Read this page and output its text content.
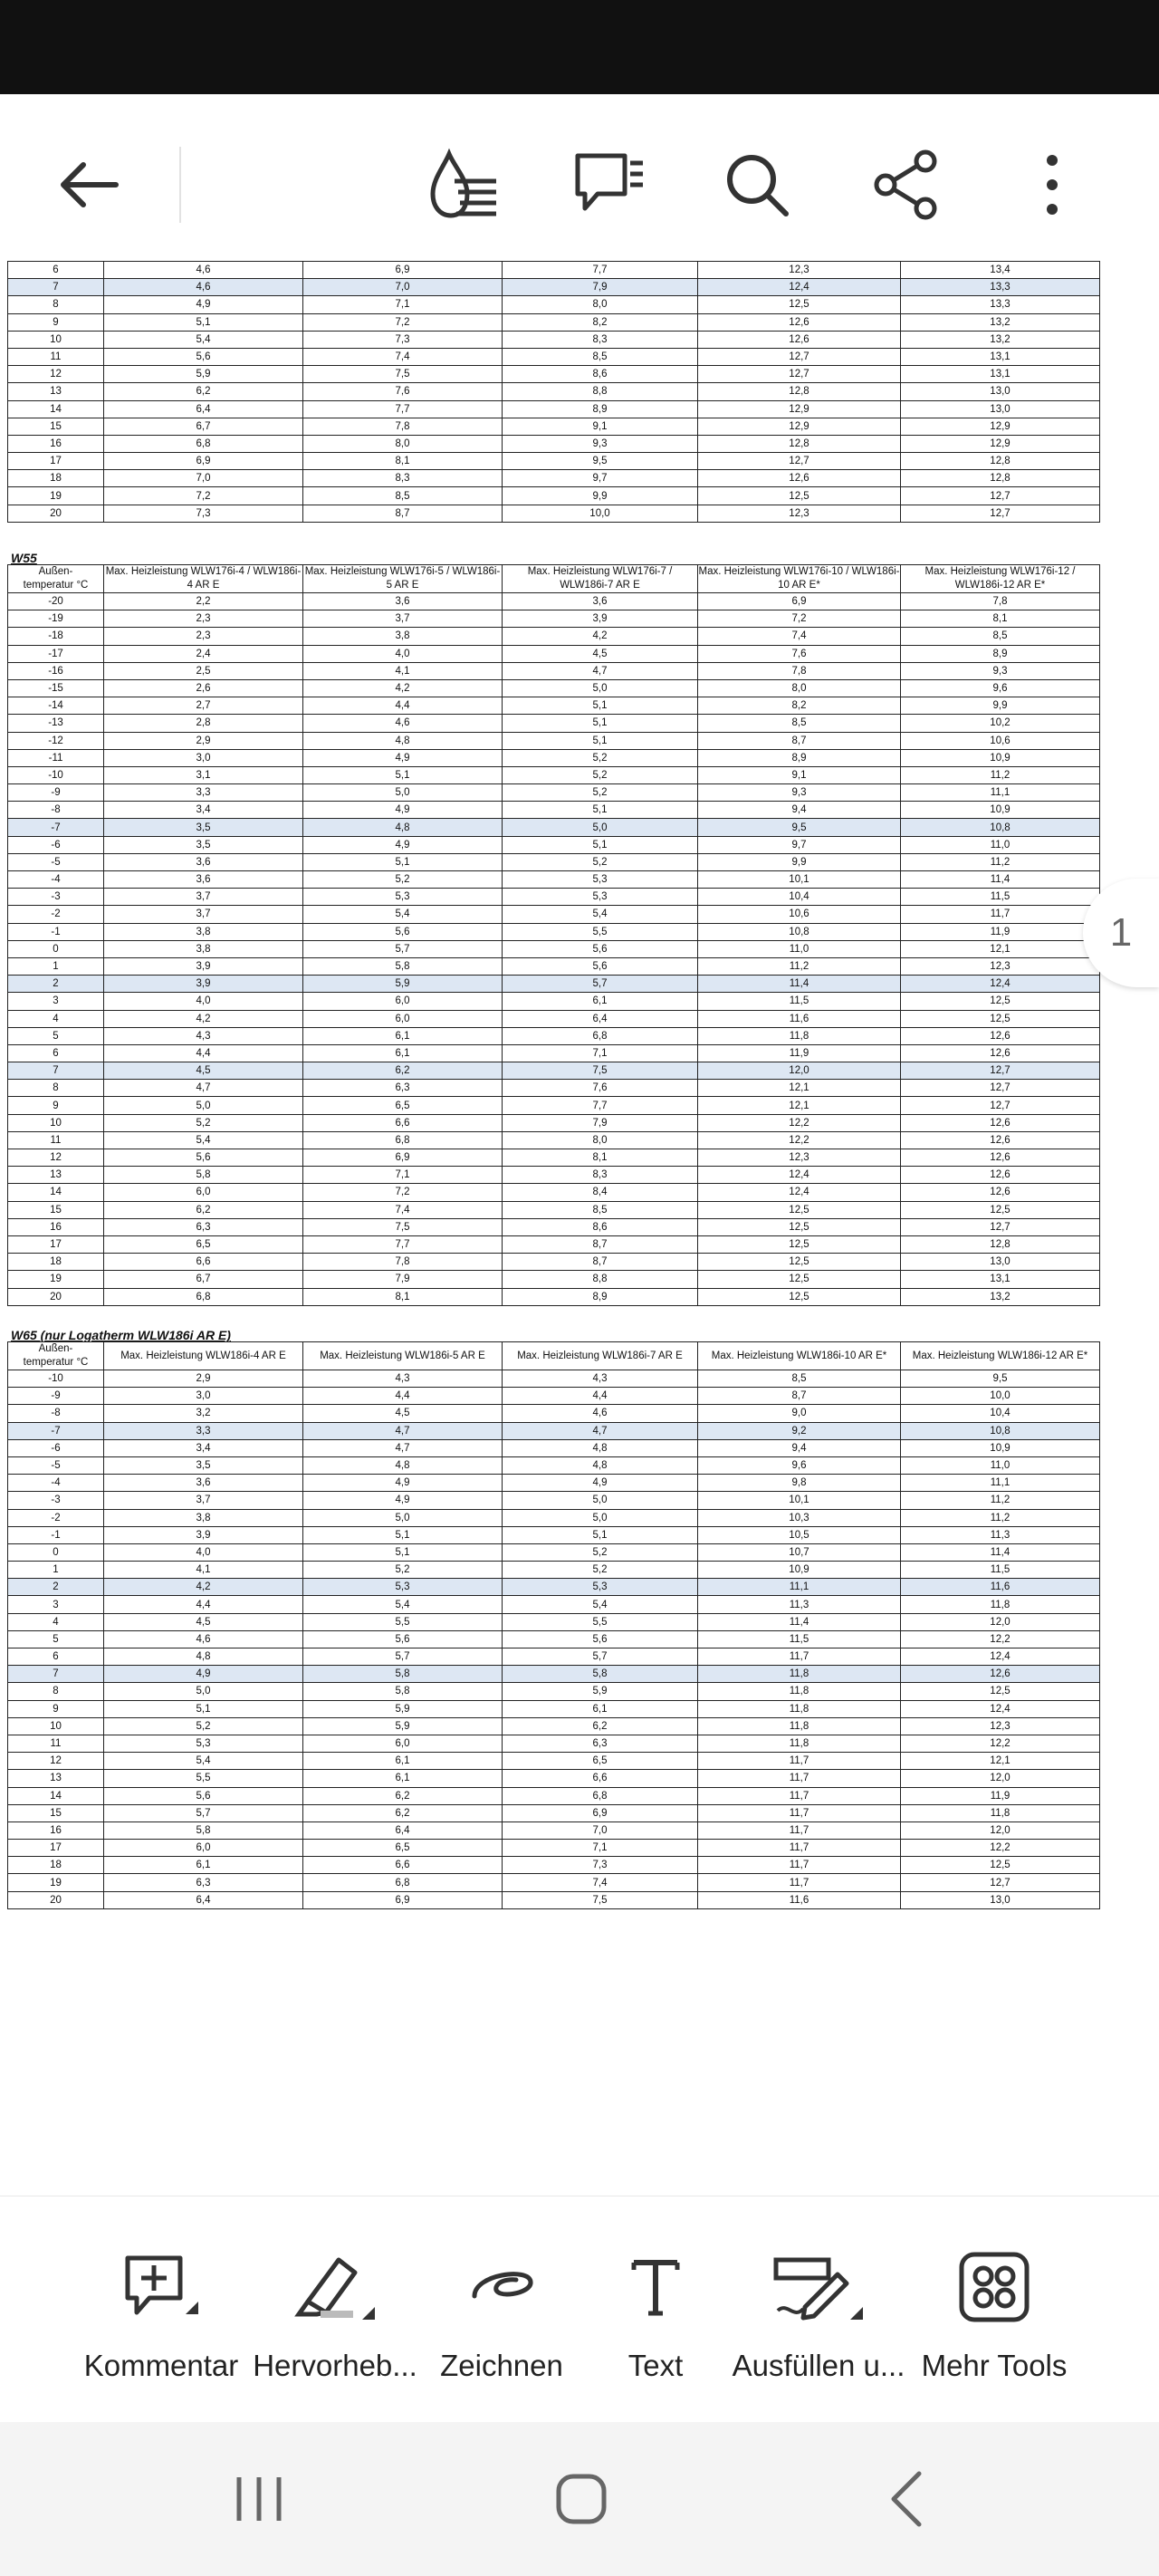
6	4,6	6,9	7,7	12,3	13,4
7	4,6	7,0	7,9	12,4	13,3
8	4,9	7,1	8,0	12,5	13,3
9	5,1	7,2	8,2	12,6	13,2
10	5,4	7,3	8,3	12,6	13,2
11	5,6	7,4	8,5	12,7	13,1
12	5,9	7,5	8,6	12,7	13,1
13	6,2	7,6	8,8	12,8	13,0
14	6,4	7,7	8,9	12,9	13,0
15	6,7	7,8	9,1	12,9	12,9
16	6,8	8,0	9,3	12,8	12,9
17	6,9	8,1	9,5	12,7	12,8
18	7,0	8,3	9,7	12,6	12,8
19	7,2	8,5	9,9	12,5	12,7
20	7,3	8,7	10,0	12,3	12,7
W55
Außen-
temperatur °C	Max. Heizleistung WLW176i-4 / WLW186i-4 AR E	Max. Heizleistung WLW176i-5 / WLW186i-5 AR E	Max. Heizleistung WLW176i-7 / WLW186i-7 AR E	Max. Heizleistung WLW176i-10 / WLW186i-10 AR E*	Max. Heizleistung WLW176i-12 / WLW186i-12 AR E*
-20	2,2	3,6	3,6	6,9	7,8
-19	2,3	3,7	3,9	7,2	8,1
-18	2,3	3,8	4,2	7,4	8,5
-17	2,4	4,0	4,5	7,6	8,9
-16	2,5	4,1	4,7	7,8	9,3
-15	2,6	4,2	5,0	8,0	9,6
-14	2,7	4,4	5,1	8,2	9,9
-13	2,8	4,6	5,1	8,5	10,2
-12	2,9	4,8	5,1	8,7	10,6
-11	3,0	4,9	5,2	8,9	10,9
-10	3,1	5,1	5,2	9,1	11,2
-9	3,3	5,0	5,2	9,3	11,1
-8	3,4	4,9	5,1	9,4	10,9
-7	3,5	4,8	5,0	9,5	10,8
-6	3,5	4,9	5,1	9,7	11,0
-5	3,6	5,1	5,2	9,9	11,2
-4	3,6	5,2	5,3	10,1	11,4
-3	3,7	5,3	5,3	10,4	11,5
-2	3,7	5,4	5,4	10,6	11,7
-1	3,8	5,6	5,5	10,8	11,9
0	3,8	5,7	5,6	11,0	12,1
1	3,9	5,8	5,6	11,2	12,3
2	3,9	5,9	5,7	11,4	12,4
3	4,0	6,0	6,1	11,5	12,5
4	4,2	6,0	6,4	11,6	12,5
5	4,3	6,1	6,8	11,8	12,6
6	4,4	6,1	7,1	11,9	12,6
7	4,5	6,2	7,5	12,0	12,7
8	4,7	6,3	7,6	12,1	12,7
9	5,0	6,5	7,7	12,1	12,7
10	5,2	6,6	7,9	12,2	12,6
11	5,4	6,8	8,0	12,2	12,6
12	5,6	6,9	8,1	12,3	12,6
13	5,8	7,1	8,3	12,4	12,6
14	6,0	7,2	8,4	12,4	12,6
15	6,2	7,4	8,5	12,5	12,5
16	6,3	7,5	8,6	12,5	12,7
17	6,5	7,7	8,7	12,5	12,8
18	6,6	7,8	8,7	12,5	13,0
19	6,7	7,9	8,8	12,5	13,1
20	6,8	8,1	8,9	12,5	13,2
W65 (nur Logatherm WLW186i AR E)
Außen-
temperatur °C	Max. Heizleistung WLW186i-4 AR E	Max. Heizleistung WLW186i-5 AR E	Max. Heizleistung WLW186i-7 AR E	Max. Heizleistung WLW186i-10 AR E*	Max. Heizleistung WLW186i-12 AR E*
-10	2,9	4,3	4,3	8,5	9,5
-9	3,0	4,4	4,4	8,7	10,0
-8	3,2	4,5	4,6	9,0	10,4
-7	3,3	4,7	4,7	9,2	10,8
-6	3,4	4,7	4,8	9,4	10,9
-5	3,5	4,8	4,8	9,6	11,0
-4	3,6	4,9	4,9	9,8	11,1
-3	3,7	4,9	5,0	10,1	11,2
-2	3,8	5,0	5,0	10,3	11,2
-1	3,9	5,1	5,1	10,5	11,3
0	4,0	5,1	5,2	10,7	11,4
1	4,1	5,2	5,2	10,9	11,5
2	4,2	5,3	5,3	11,1	11,6
3	4,4	5,4	5,4	11,3	11,8
4	4,5	5,5	5,5	11,4	12,0
5	4,6	5,6	5,6	11,5	12,2
6	4,8	5,7	5,7	11,7	12,4
7	4,9	5,8	5,8	11,8	12,6
8	5,0	5,8	5,9	11,8	12,5
9	5,1	5,9	6,1	11,8	12,4
10	5,2	5,9	6,2	11,8	12,3
11	5,3	6,0	6,3	11,8	12,2
12	5,4	6,1	6,5	11,7	12,1
13	5,5	6,1	6,6	11,7	12,0
14	5,6	6,2	6,8	11,7	11,9
15	5,7	6,2	6,9	11,7	11,8
16	5,8	6,4	7,0	11,7	12,0
17	6,0	6,5	7,1	11,7	12,2
18	6,1	6,6	7,3	11,7	12,5
19	6,3	6,8	7,4	11,7	12,7
20	6,4	6,9	7,5	11,6	13,0
1
Kommentar Hervorheb... Zeichnen	Text	Ausfüllen u... Mehr Tools
